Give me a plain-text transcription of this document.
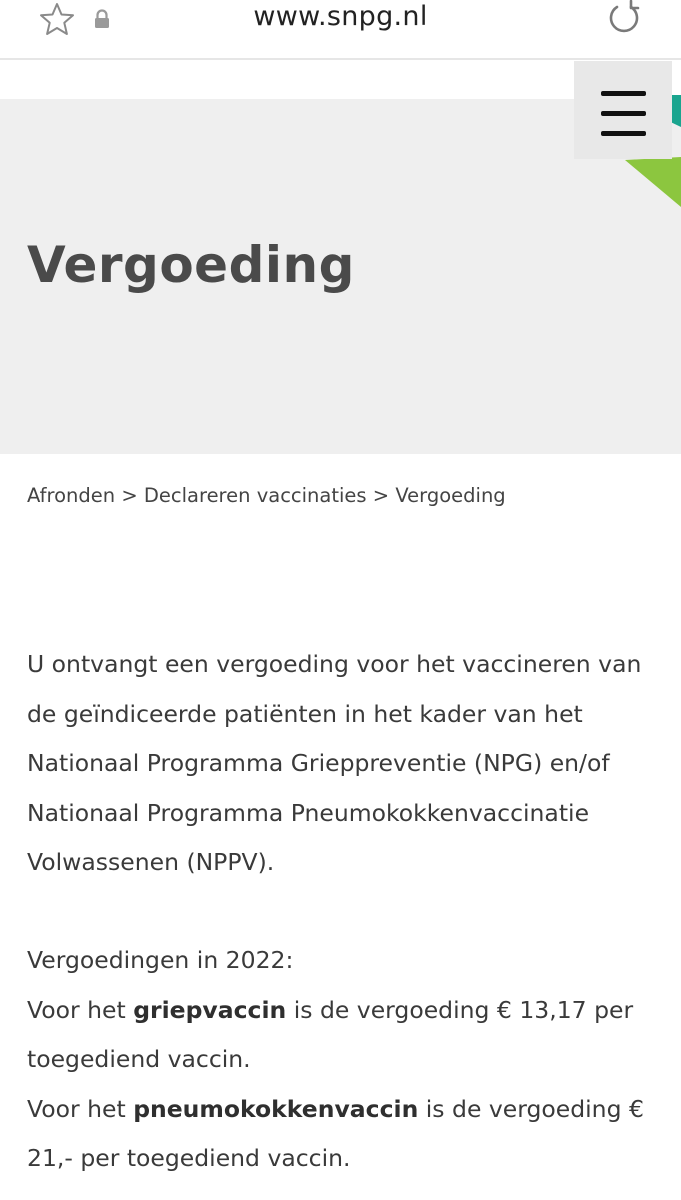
www.snpg.nl
Vergoeding
Afronden > Declareren vaccinaties > Vergoeding

U ontvangt een vergoeding voor het vaccineren van de geïndiceerde patiënten in het kader van het Nationaal Programma Grieppreventie (NPG) en/of Nationaal Programma Pneumokokkenvaccinatie Volwassenen (NPPV).

Vergoedingen in 2022:

Voor het griepvaccin is de vergoeding € 13,17 per toegediend vaccin.

Voor het pneumokokkenvaccin is de vergoeding € 21,- per toegediend vaccin.
